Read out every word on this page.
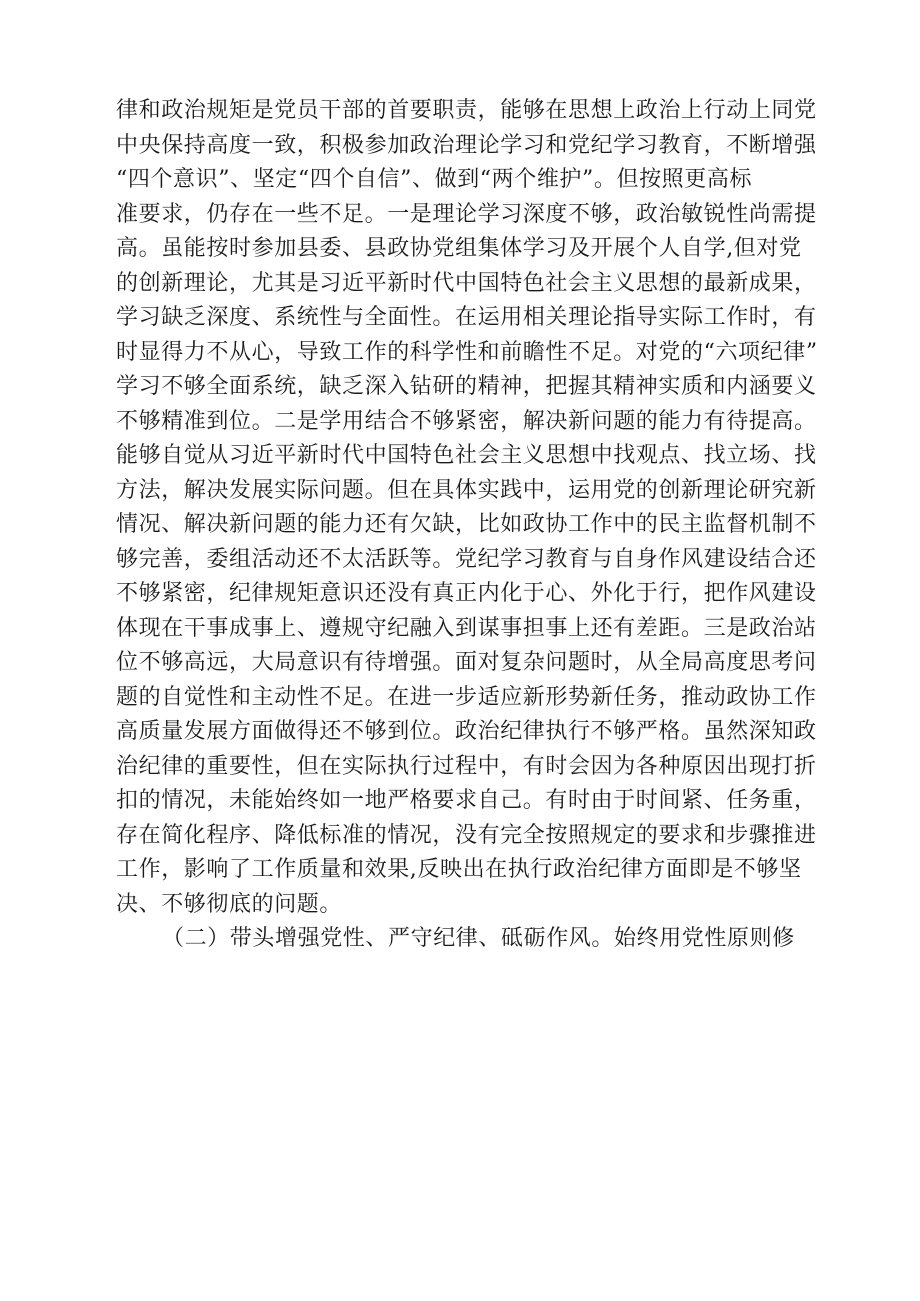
律和政治规矩是党员干部的首要职责，能够在思想上政治上行动上同党
中央保持高度一致，积极参加政治理论学习和党纪学习教育，不断增强
“四个意识”、坚定“四个自信”、做到“两个维护”。但按照更高标
准要求，仍存在一些不足。一是理论学习深度不够，政治敏锐性尚需提
高。虽能按时参加县委、县政协党组集体学习及开展个人自学,但对党
的创新理论，尤其是习近平新时代中国特色社会主义思想的最新成果，
学习缺乏深度、系统性与全面性。在运用相关理论指导实际工作时，有
时显得力不从心，导致工作的科学性和前瞻性不足。对党的“六项纪律”
学习不够全面系统，缺乏深入钻研的精神，把握其精神实质和内涵要义
不够精准到位。二是学用结合不够紧密，解决新问题的能力有待提高。
能够自觉从习近平新时代中国特色社会主义思想中找观点、找立场、找
方法，解决发展实际问题。但在具体实践中，运用党的创新理论研究新
情况、解决新问题的能力还有欠缺，比如政协工作中的民主监督机制不
够完善，委组活动还不太活跃等。党纪学习教育与自身作风建设结合还
不够紧密，纪律规矩意识还没有真正内化于心、外化于行，把作风建设
体现在干事成事上、遵规守纪融入到谋事担事上还有差距。三是政治站
位不够高远，大局意识有待增强。面对复杂问题时，从全局高度思考问
题的自觉性和主动性不足。在进一步适应新形势新任务，推动政协工作
高质量发展方面做得还不够到位。政治纪律执行不够严格。虽然深知政
治纪律的重要性，但在实际执行过程中，有时会因为各种原因出现打折
扣的情况，未能始终如一地严格要求自己。有时由于时间紧、任务重，
存在简化程序、降低标准的情况，没有完全按照规定的要求和步骤推进
工作，影响了工作质量和效果,反映出在执行政治纪律方面即是不够坚
决、不够彻底的问题。
（二）带头增强党性、严守纪律、砥砺作风。始终用党性原则修
